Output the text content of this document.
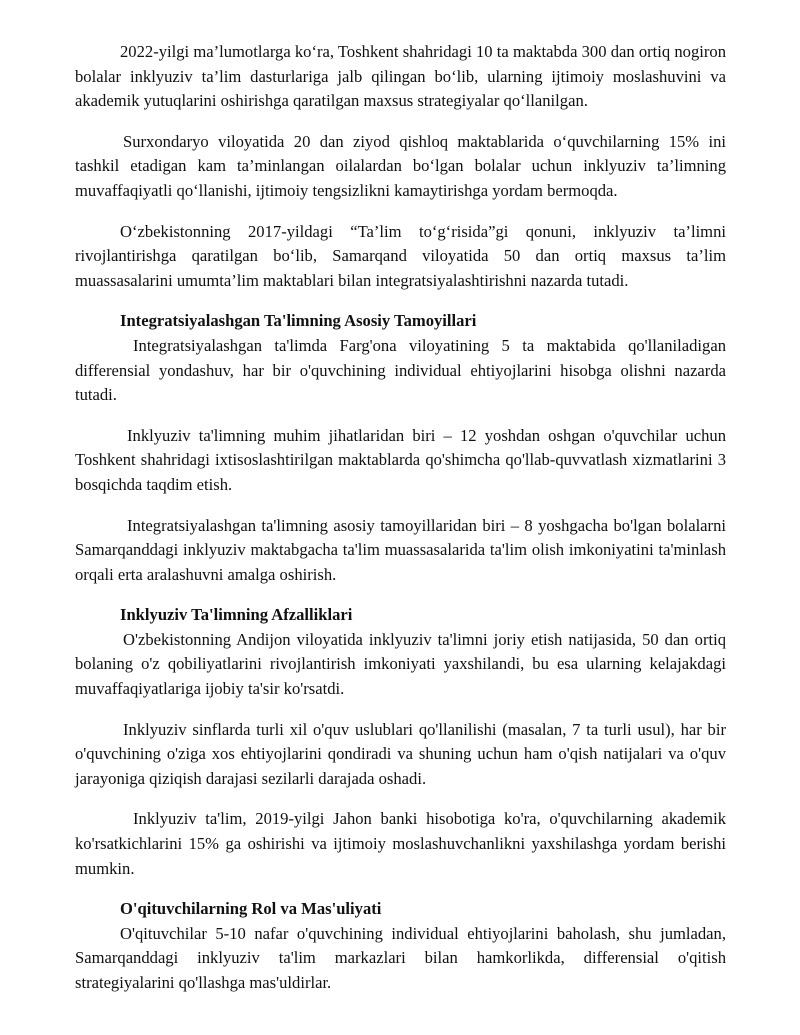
2022-yilgi ma’lumotlarga ko‘ra, Toshkent shahridagi 10 ta maktabda 300 dan ortiq nogiron bolalar inklyuziv ta’lim dasturlariga jalb qilingan bo‘lib, ularning ijtimoiy moslashuvini va akademik yutuqlarini oshirishga qaratilgan maxsus strategiyalar qo‘llanilgan.

Surxondaryo viloyatida 20 dan ziyod qishloq maktablarida o‘quvchilarning 15% ini tashkil etadigan kam ta’minlangan oilalardan bo‘lgan bolalar uchun inklyuziv ta’limning muvaffaqiyatli qo‘llanishi, ijtimoiy tengsizlikni kamaytirishga yordam bermoqda.

O‘zbekistonning 2017-yildagi “Ta’lim to‘g‘risida”gi qonuni, inklyuziv ta’limni rivojlantirishga qaratilgan bo‘lib, Samarqand viloyatida 50 dan ortiq maxsus ta’lim muassasalarini umumta’lim maktablari bilan integratsiyalashtirishni nazarda tutadi.

Integratsiyalashgan Ta'limning Asosiy Tamoyillari

Integratsiyalashgan ta'limda Farg'ona viloyatining 5 ta maktabida qo'llaniladigan differensial yondashuv, har bir o'quvchining individual ehtiyojlarini hisobga olishni nazarda tutadi.

Inklyuziv ta'limning muhim jihatlaridan biri – 12 yoshdan oshgan o'quvchilar uchun Toshkent shahridagi ixtisoslashtirilgan maktablarda qo'shimcha qo'llab-quvvatlash xizmatlarini 3 bosqichda taqdim etish.

Integratsiyalashgan ta'limning asosiy tamoyillaridan biri – 8 yoshgacha bo'lgan bolalarni Samarqanddagi inklyuziv maktabgacha ta'lim muassasalarida ta'lim olish imkoniyatini ta'minlash orqali erta aralashuvni amalga oshirish.

Inklyuziv Ta'limning Afzalliklari

O'zbekistonning Andijon viloyatida inklyuziv ta'limni joriy etish natijasida, 50 dan ortiq bolaning o'z qobiliyatlarini rivojlantirish imkoniyati yaxshilandi, bu esa ularning kelajakdagi muvaffaqiyatlariga ijobiy ta'sir ko'rsatdi.

Inklyuziv sinflarda turli xil o'quv uslublari qo'llanilishi (masalan, 7 ta turli usul), har bir o'quvchining o'ziga xos ehtiyojlarini qondiradi va shuning uchun ham o'qish natijalari va o'quv jarayoniga qiziqish darajasi sezilarli darajada oshadi.

Inklyuziv ta'lim, 2019-yilgi Jahon banki hisobotiga ko'ra, o'quvchilarning akademik ko'rsatkichlarini 15% ga oshirishi va ijtimoiy moslashuvchanlikni yaxshilashga yordam berishi mumkin.

O'qituvchilarning Rol va Mas'uliyati

O'qituvchilar 5-10 nafar o'quvchining individual ehtiyojlarini baholash, shu jumladan, Samarqanddagi inklyuziv ta'lim markazlari bilan hamkorlikda, differensial o'qitish strategiyalarini qo'llashga mas'uldirlar.
